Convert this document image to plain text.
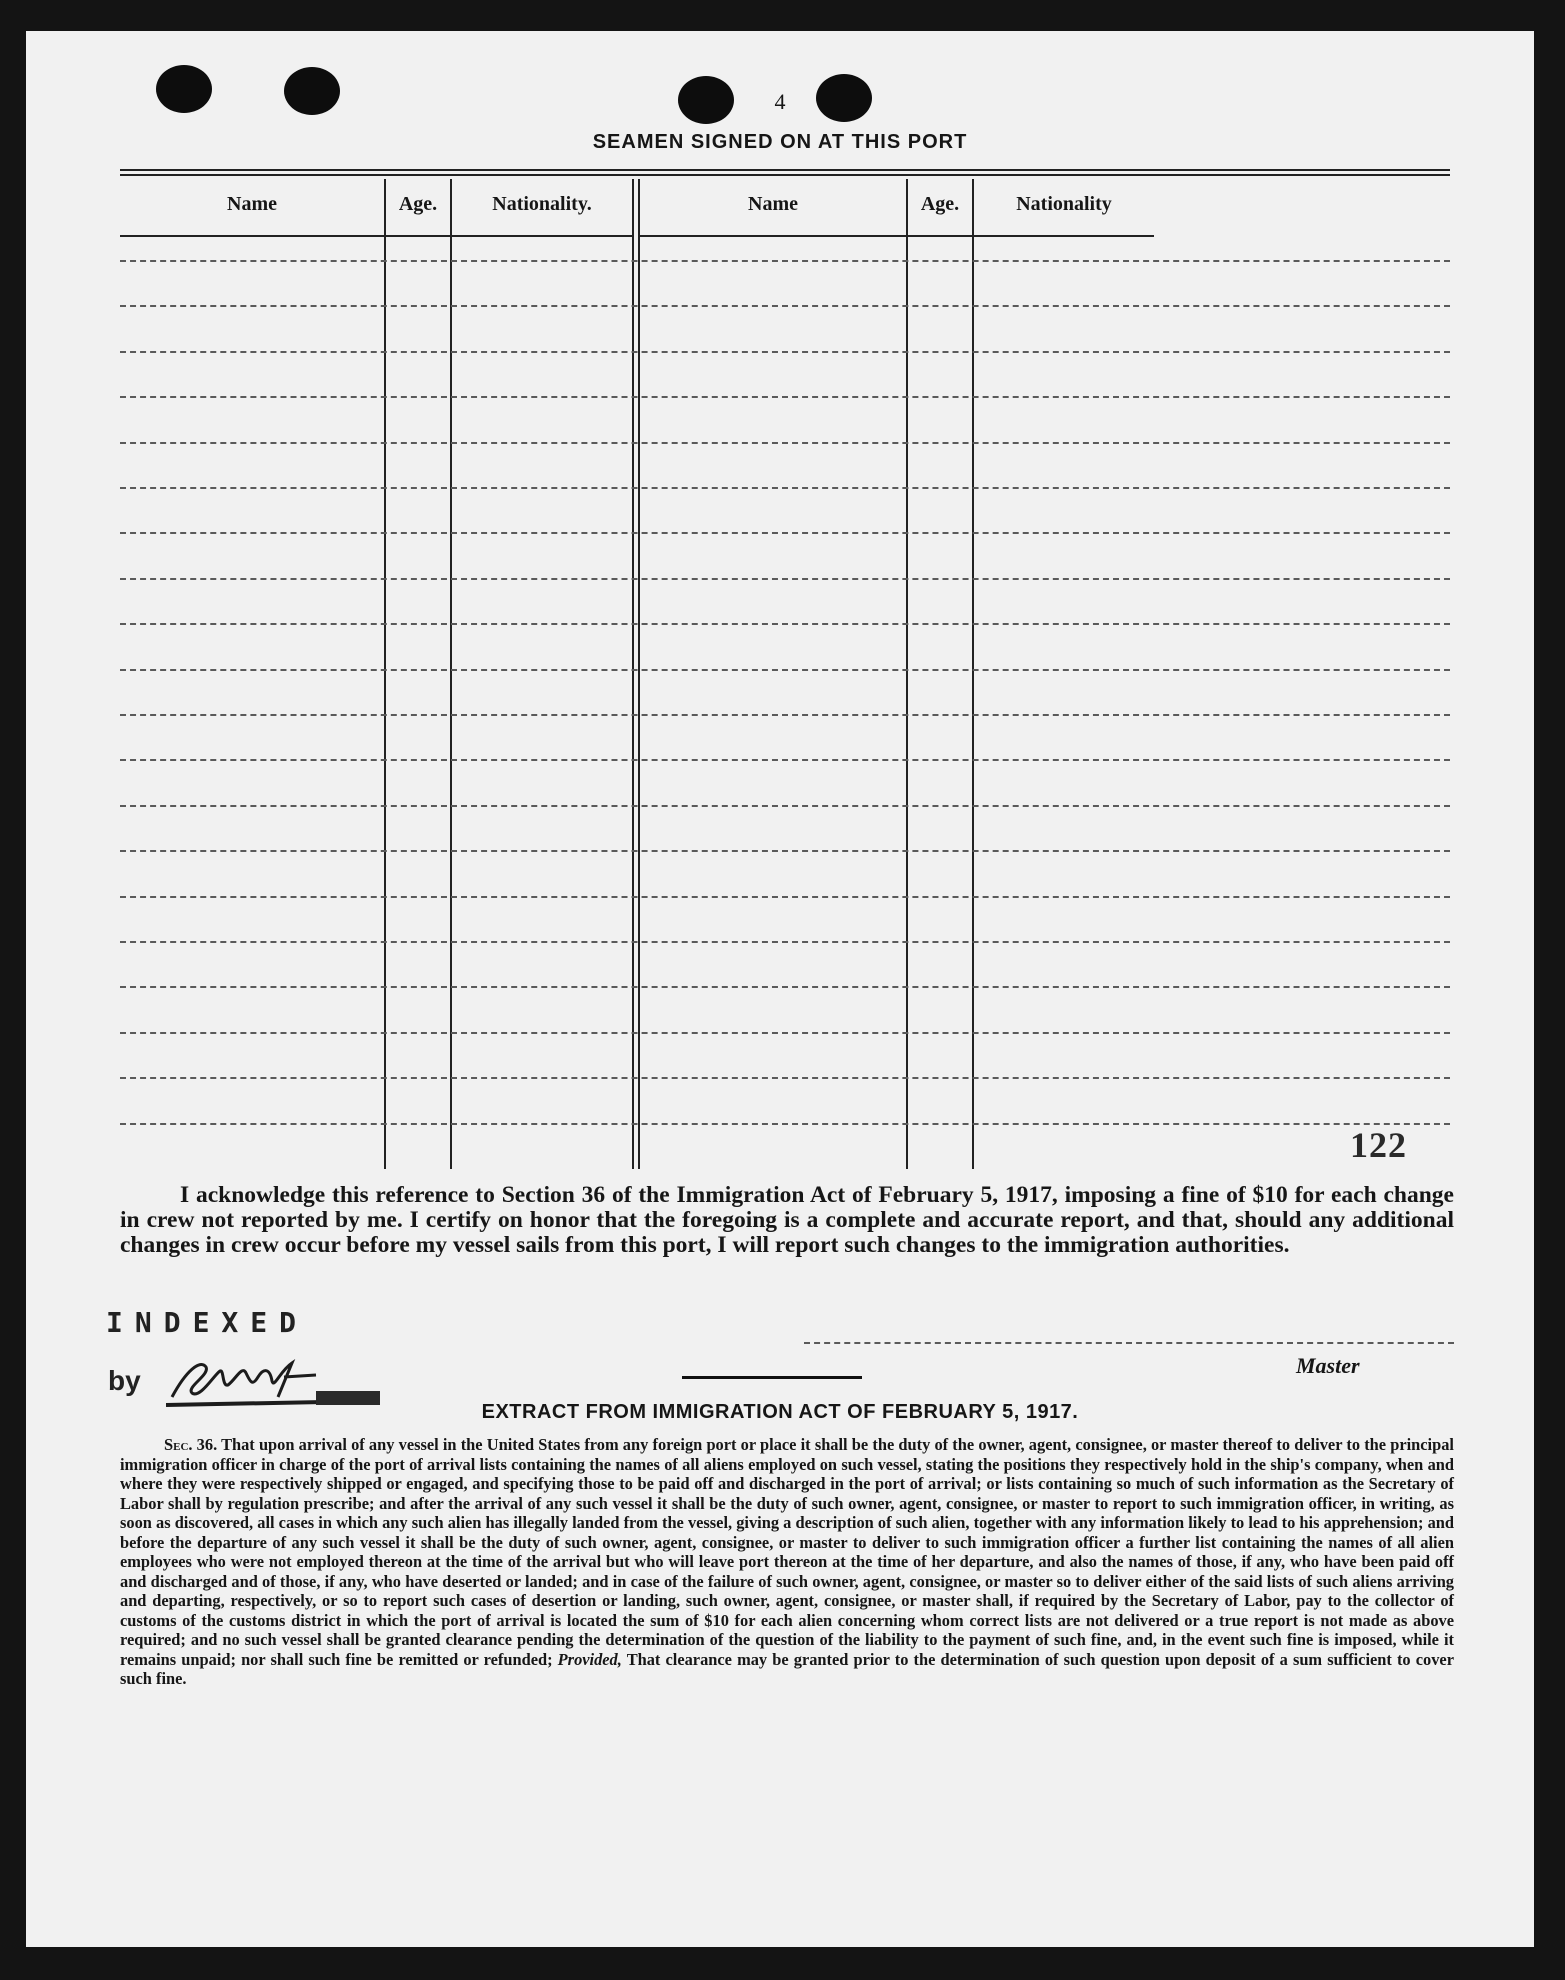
4
SEAMEN SIGNED ON AT THIS PORT
Name	Age.	Nationality.	Name	Age.	Nationality
122
I acknowledge this reference to Section 36 of the Immigration Act of February 5, 1917, imposing a fine of $10 for each change in crew not reported by me. I certify on honor that the foregoing is a complete and accurate report, and that, should any additional changes in crew occur before my vessel sails from this port, I will report such changes to the immigration authorities.
INDEXED
by	Master
EXTRACT FROM IMMIGRATION ACT OF FEBRUARY 5, 1917.
Sec. 36. That upon arrival of any vessel in the United States from any foreign port or place it shall be the duty of the owner, agent, consignee, or master thereof to deliver to the principal immigration officer in charge of the port of arrival lists containing the names of all aliens employed on such vessel, stating the positions they respectively hold in the ship's company, when and where they were respectively shipped or engaged, and specifying those to be paid off and discharged in the port of arrival; or lists containing so much of such information as the Secretary of Labor shall by regulation prescribe; and after the arrival of any such vessel it shall be the duty of such owner, agent, consignee, or master to report to such immigration officer, in writing, as soon as discovered, all cases in which any such alien has illegally landed from the vessel, giving a description of such alien, together with any information likely to lead to his apprehension; and before the departure of any such vessel it shall be the duty of such owner, agent, consignee, or master to deliver to such immigration officer a further list containing the names of all alien employees who were not employed thereon at the time of the arrival but who will leave port thereon at the time of her departure, and also the names of those, if any, who have been paid off and discharged and of those, if any, who have deserted or landed; and in case of the failure of such owner, agent, consignee, or master so to deliver either of the said lists of such aliens arriving and departing, respectively, or so to report such cases of desertion or landing, such owner, agent, consignee, or master shall, if required by the Secretary of Labor, pay to the collector of customs of the customs district in which the port of arrival is located the sum of $10 for each alien concerning whom correct lists are not delivered or a true report is not made as above required; and no such vessel shall be granted clearance pending the determination of the question of the liability to the payment of such fine, and, in the event such fine is imposed, while it remains unpaid; nor shall such fine be remitted or refunded; Provided, That clearance may be granted prior to the determination of such question upon deposit of a sum sufficient to cover such fine.
